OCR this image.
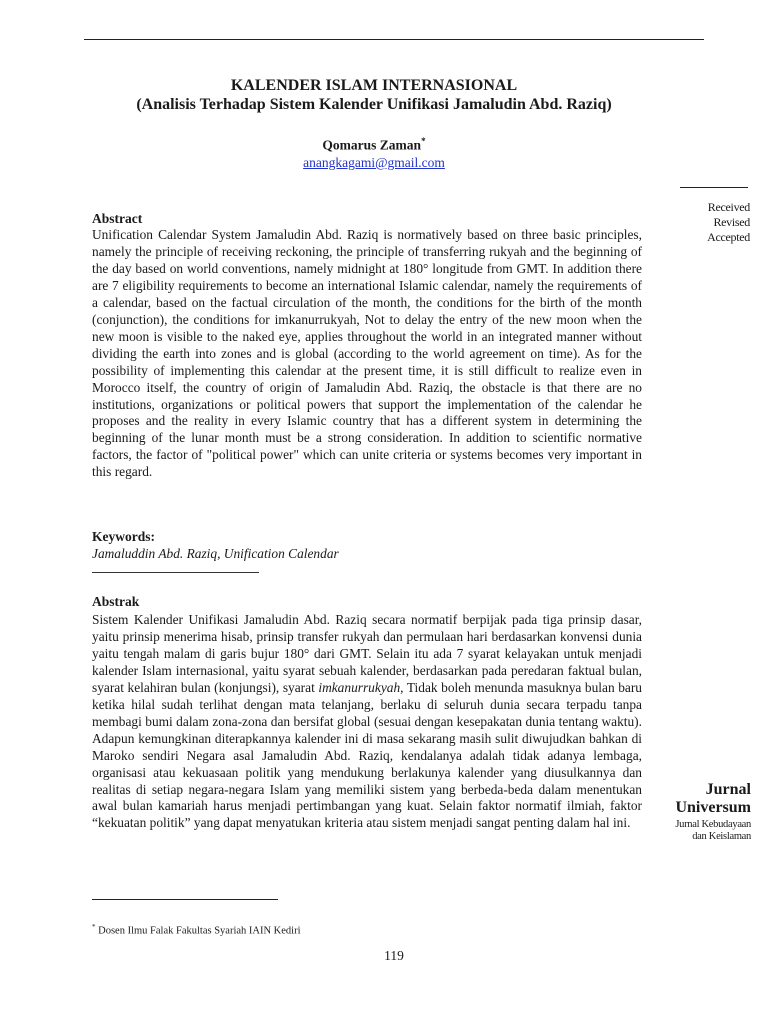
KALENDER ISLAM INTERNASIONAL
(Analisis Terhadap Sistem Kalender Unifikasi Jamaludin Abd. Raziq)
Qomarus Zaman*
anangkagami@gmail.com
Received
Revised
Accepted
Abstract

Unification Calendar System Jamaludin Abd. Raziq is normatively based on three basic principles, namely the principle of receiving reckoning, the principle of transferring rukyah and the beginning of the day based on world conventions, namely midnight at 180° longitude from GMT. In addition there are 7 eligibility requirements to become an international Islamic calendar, namely the requirements of a calendar, based on the factual circulation of the month, the conditions for the birth of the month (conjunction), the conditions for imkanurrukyah, Not to delay the entry of the new moon when the new moon is visible to the naked eye, applies throughout the world in an integrated manner without dividing the earth into zones and is global (according to the world agreement on time). As for the possibility of implementing this calendar at the present time, it is still difficult to realize even in Morocco itself, the country of origin of Jamaludin Abd. Raziq, the obstacle is that there are no institutions, organizations or political powers that support the implementation of the calendar he proposes and the reality in every Islamic country that has a different system in determining the beginning of the lunar month must be a strong consideration. In addition to scientific normative factors, the factor of "political power" which can unite criteria or systems becomes very important in this regard.

Keywords:
Jamaluddin Abd. Raziq, Unification Calendar
Abstrak

Sistem Kalender Unifikasi Jamaludin Abd. Raziq secara normatif berpijak pada tiga prinsip dasar, yaitu prinsip menerima hisab, prinsip transfer rukyah dan permulaan hari berdasarkan konvensi dunia yaitu tengah malam di garis bujur 180° dari GMT. Selain itu ada 7 syarat kelayakan untuk menjadi kalender Islam internasional, yaitu syarat sebuah kalender, berdasarkan pada peredaran faktual bulan, syarat kelahiran bulan (konjungsi), syarat imkanurrukyah, Tidak boleh menunda masuknya bulan baru ketika hilal sudah terlihat dengan mata telanjang, berlaku di seluruh dunia secara terpadu tanpa membagi bumi dalam zona-zona dan bersifat global (sesuai dengan kesepakatan dunia tentang waktu). Adapun kemungkinan diterapkannya kalender ini di masa sekarang masih sulit diwujudkan bahkan di Maroko sendiri Negara asal Jamaludin Abd. Raziq, kendalanya adalah tidak adanya lembaga, organisasi atau kekuasaan politik yang mendukung berlakunya kalender yang diusulkannya dan realitas di setiap negara-negara Islam yang memiliki sistem yang berbeda-beda dalam menentukan awal bulan kamariah harus menjadi pertimbangan yang kuat. Selain faktor normatif ilmiah, faktor “kekuatan politik” yang dapat menyatukan kriteria atau sistem menjadi sangat penting dalam hal ini.

Jurnal
Universum
Jurnal Kebudayaan
dan Keislaman
* Dosen Ilmu Falak Fakultas Syariah IAIN Kediri
119
